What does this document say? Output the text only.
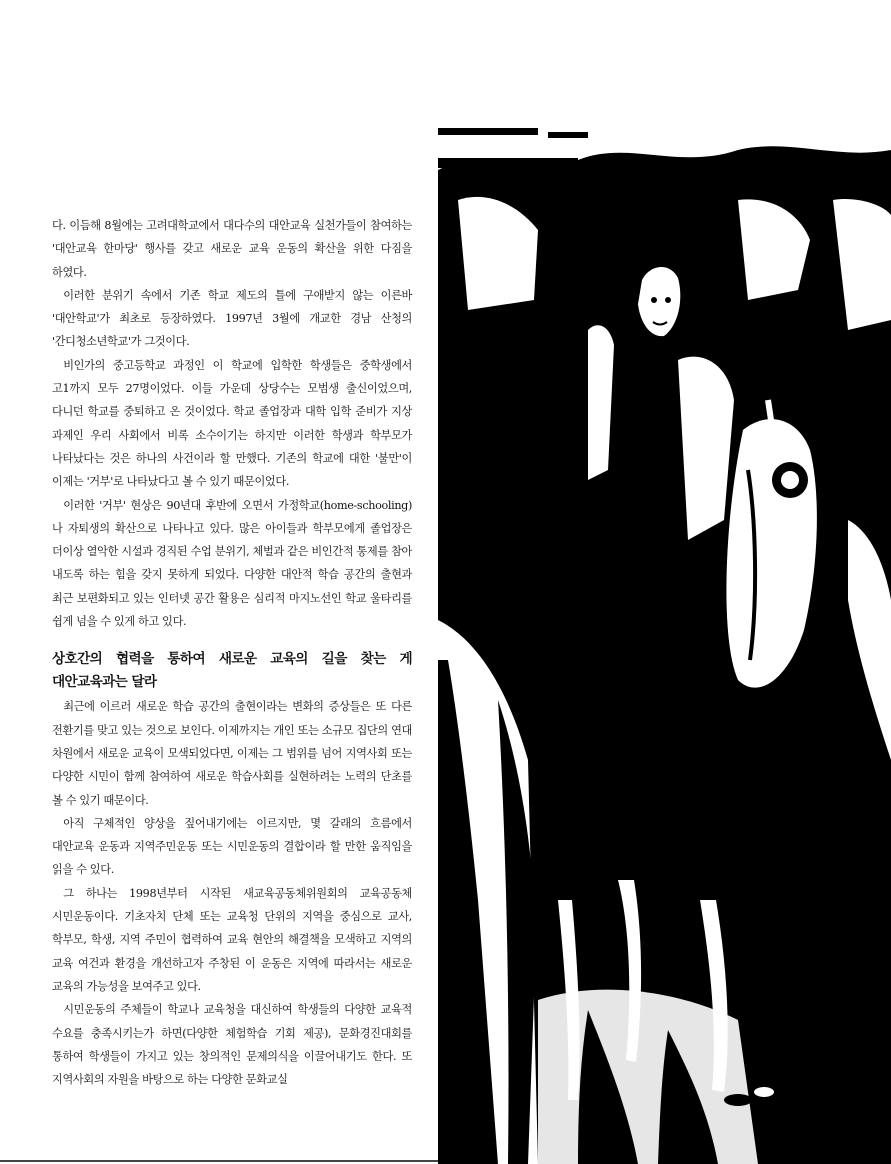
다. 이듬해 8월에는 고려대학교에서 대다수의 대안교육 실천가들이 참여하는 '대안교육 한마당' 행사를 갖고 새로운 교육 운동의 확산을 위한 다짐을 하였다.

이러한 분위기 속에서 기존 학교 제도의 틀에 구애받지 않는 이른바 '대안학교'가 최초로 등장하였다. 1997년 3월에 개교한 경남 산청의 '간디청소년학교'가 그것이다.

비인가의 중고등학교 과정인 이 학교에 입학한 학생들은 중학생에서 고1까지 모두 27명이었다. 이들 가운데 상당수는 모범생 출신이었으며, 다니던 학교를 중퇴하고 온 것이었다. 학교 졸업장과 대학 입학 준비가 지상 과제인 우리 사회에서 비록 소수이기는 하지만 이러한 학생과 학부모가 나타났다는 것은 하나의 사건이라 할 만했다. 기존의 학교에 대한 '불만'이 이제는 '거부'로 나타났다고 볼 수 있기 때문이었다.

이러한 '거부' 현상은 90년대 후반에 오면서 가정학교(home-schooling)나 자퇴생의 확산으로 나타나고 있다. 많은 아이들과 학부모에게 졸업장은 더이상 열악한 시설과 경직된 수업 분위기, 체벌과 같은 비인간적 통제를 참아 내도록 하는 힘을 갖지 못하게 되었다. 다양한 대안적 학습 공간의 출현과 최근 보편화되고 있는 인터넷 공간 활용은 심리적 마지노선인 학교 울타리를 쉽게 넘을 수 있게 하고 있다.

상호간의 협력을 통하여 새로운 교육의 길을 찾는 게 대안교육과는 달라

최근에 이르러 새로운 학습 공간의 출현이라는 변화의 증상들은 또 다른 전환기를 맞고 있는 것으로 보인다. 이제까지는 개인 또는 소규모 집단의 연대 차원에서 새로운 교육이 모색되었다면, 이제는 그 범위를 넘어 지역사회 또는 다양한 시민이 함께 참여하여 새로운 학습사회를 실현하려는 노력의 단초를 볼 수 있기 때문이다.

아직 구체적인 양상을 짚어내기에는 이르지만, 몇 갈래의 흐름에서 대안교육 운동과 지역주민운동 또는 시민운동의 결합이라 할 만한 움직임을 읽을 수 있다.

그 하나는 1998년부터 시작된 새교육공동체위원회의 교육공동체 시민운동이다. 기초자치 단체 또는 교육청 단위의 지역을 중심으로 교사, 학부모, 학생, 지역 주민이 협력하여 교육 현안의 해결책을 모색하고 지역의 교육 여건과 환경을 개선하고자 주창된 이 운동은 지역에 따라서는 새로운 교육의 가능성을 보여주고 있다.

시민운동의 주체들이 학교나 교육청을 대신하여 학생들의 다양한 교육적 수요를 충족시키는가 하면(다양한 체험학습 기회 제공), 문화경진대회를 통하여 학생들이 가지고 있는 창의적인 문제의식을 이끌어내기도 한다. 또 지역사회의 자원을 바탕으로 하는 다양한 문화교실
